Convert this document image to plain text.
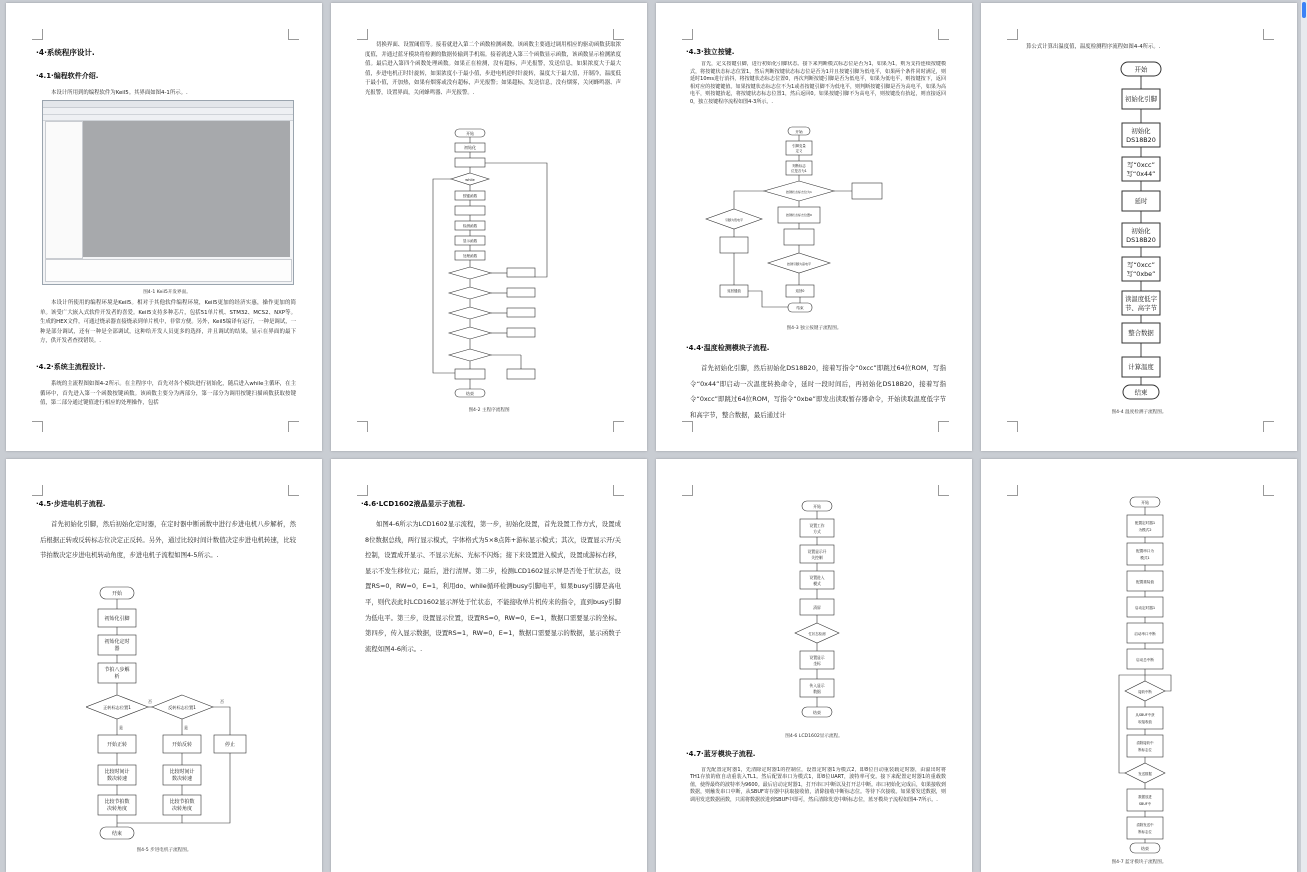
·4·系统程序设计.
·4.1·编程软件介绍.
本设计所用到的编程软件为Keil5。其界面如图4-1所示。.
图4-1 Keil5开发界面。
本设计所使用的编程环境是Keil5。相对于其他软件编程环境，Keil5更加的经济实惠，操作更加的简单。该受广大嵌入式软件开发者的喜爱。Keil5支持多种芯片，包括51单片机、STM32、MCS2、NXP等。生成的HEX文件，可通过烧录器直接烧录到单片机中，非常方便。另外，Keil5编译有运行，一种是调试，一种是部分调试，还有一种是全部调试，这种给开发人员更多的选择，并且调试的结果，显示在界面的最下方，供开发者查找错误。.
·4.2·系统主流程设计.
系统的主流程图如图4-2所示。在主程序中，首先对各个模块进行初始化，随后进入while主循环，在主循环中，首先进入第一个函数按键函数。该函数主要分为两部分，第一部分为调用按键扫描函数获取按键值，第二部分通过键值进行相应的处理操作，包括
切换界面、设置阈值等。接着就进入第二个函数检测函数。该函数主要通过调用相应的驱动函数获取浓度值，并通过蓝牙模块将检测的数据传输到手机端。接着就进入第三个函数显示函数，该函数显示检测浓度值。最后进入第四个函数处理函数。如果正在检测，没有超标，声光报警，发送信息，如果浓度大于最大值，步进电机正时针旋转，如果浓度小于最小值，步进电机逆时针旋转，温度大于最大值，开制冷，温度低于最小值，开加热，如果有烟雾或没有超标，声光报警；如果超标，发送信息，没有烟雾，关闭蜂鸣器、声光报警，设置界面，关闭蜂鸣器、声光报警。.
开始
初始化
while
按键函数
检测函数
显示函数
处理函数
结束
图4-2 主程序流程图
·4.3·独立按键.
首先，定义按键引脚，进行初始化引脚状态。接下来判断模式标志位是否为1，如果为1，则为支持连续按键模式，将按键状态标志位置1，然后判断按键状态标志位是否为1并且按键引脚为低电平，如果两个条件同时满足，则延时10ms进行消抖，将按键状态标志位置0，再次判断按键引脚是否为低电平，如果为低电平，则按键按下，返回相对应的按键键值。如果按键状态标志位不为1或者按键引脚不为低电平，则判断按键引脚是否为高电平，如果为高电平，则按键抬起，将按键状态标志位置1，然后返回0。如果按键引脚不为高电平，则按键没有抬起，则直接返回0，独立按键程序流程如图4-3所示。.
开始
引脚变量
定义
判断标志
位是否为1
按键状态标志位为1
按键状态标志位置0
按键引脚为高电平
引脚为低电平
返回键值	返回0
结束
图4-3 独立按键子流程图。
·4.4·温度检测模块子流程.
首先初始化引脚，然后初始化DS18B20，接着写指令“0xcc”即跳过64位ROM，写指令“0x44”即启动一次温度转换命令，延时一段时间后，再初始化DS18B20，接着写指令“0xcc”即跳过64位ROM，写指令“0xbe”即发出读取暂存器命令，开始读取温度低字节和高字节，整合数据，最后通过计
算公式计算出温度值，温度检测程序流程如图4-4所示。.
开始
初始化引脚
初始化
DS18B20
写“0xcc”
写“0x44”
延时
初始化
DS18B20
写“0xcc”
写“0xbe”
读温度低字
节、高字节
整合数据
计算温度
结束
图4-4 温度检测子流程图。
·4.5·步进电机子流程.
首先初始化引脚，然后初始化定时器，在定时器中断函数中进行步进电机八步解析，然后根据正转或反转标志位决定正反转。另外，通过比较时间计数值决定步进电机转速，比较节拍数决定步进电机转动角度，步进电机子流程如图4-5所示。.
开始
初始化引脚
初始化定时
器
节拍八步解
析
正转标志位置1
否
反转标志位置1
否
是	是
开始正转	开始反转	停止
比较时间计
数决转速
比较时间计
数决转速
比较节拍数
决转角度
比较节拍数
决转角度
结束
图4-5 步进电机子流程图。
·4.6·LCD1602液晶显示子流程.
如图4-6所示为LCD1602显示流程，第一步，初始化设置，首先设置工作方式，设置成8位数据总线，两行显示模式，字体格式为5×8点阵+游标显示模式；其次，设置显示开/关控制，设置成开显示、不显示光标、光标不闪烁；接下来设置进入模式，设置成游标右移，显示不发生移位元；最后，进行清屏。第二步，检测LCD1602显示屏是否处于忙状态，设置RS=0，RW=0，E=1，利用do、while循环检测busy引脚电平，如果busy引脚是高电平，则代表此时LCD1602显示屏处于忙状态，不能接收单片机传来的指令，直到busy引脚为低电平。第三步，设置显示位置，设置RS=0，RW=0，E=1，数据口需要显示的坐标。第四步，传入显示数据，设置RS=1，RW=0，E=1，数据口需要显示的数据，显示函数子流程如图4-6所示。.
开始
设置工作
方式
设置显示开
关控制
设置进入
模式
清屏
忙状态检测
设置显示
坐标
传入显示
数据
结束
图4-6 LCD1602显示流程。
·4.7·蓝牙模块子流程.
首先配置定时器1，先清除定时器1的控制位，设置定时器1为模式2，即8位自动重装载定时器，由溢出时将TH1存放的值自动重装入TL1。然后配置串口为模式1，即8位UART，波特率可变。接下来配置定时器1的重载数值，使得最终的波特率为9600。最后启动定时器1，打开串口中断以及打开总中断。串口初始化完成后，如果接收到数据，则触发串口中断，从SBUF寄存器中获取接收值，清除接收中断标志位。等待下次接收。如果要发送数据，则调用发送数据函数，只需将数据放进到SBUF中即可，然后清除发送中断标志位，蓝牙模块子流程如图4-7所示。.
开始
配置定时器1
为模式2
配置串口为
模式1
配置重装值
启动定时器1
启动串口中断
启动总中断
接收中断
从SBUF中获
取接收值
清除接收中
断标志位
发送数据
数据放进
SBUF中
清除发送中
断标志位
结束
图4-7 蓝牙模块子流程图。
